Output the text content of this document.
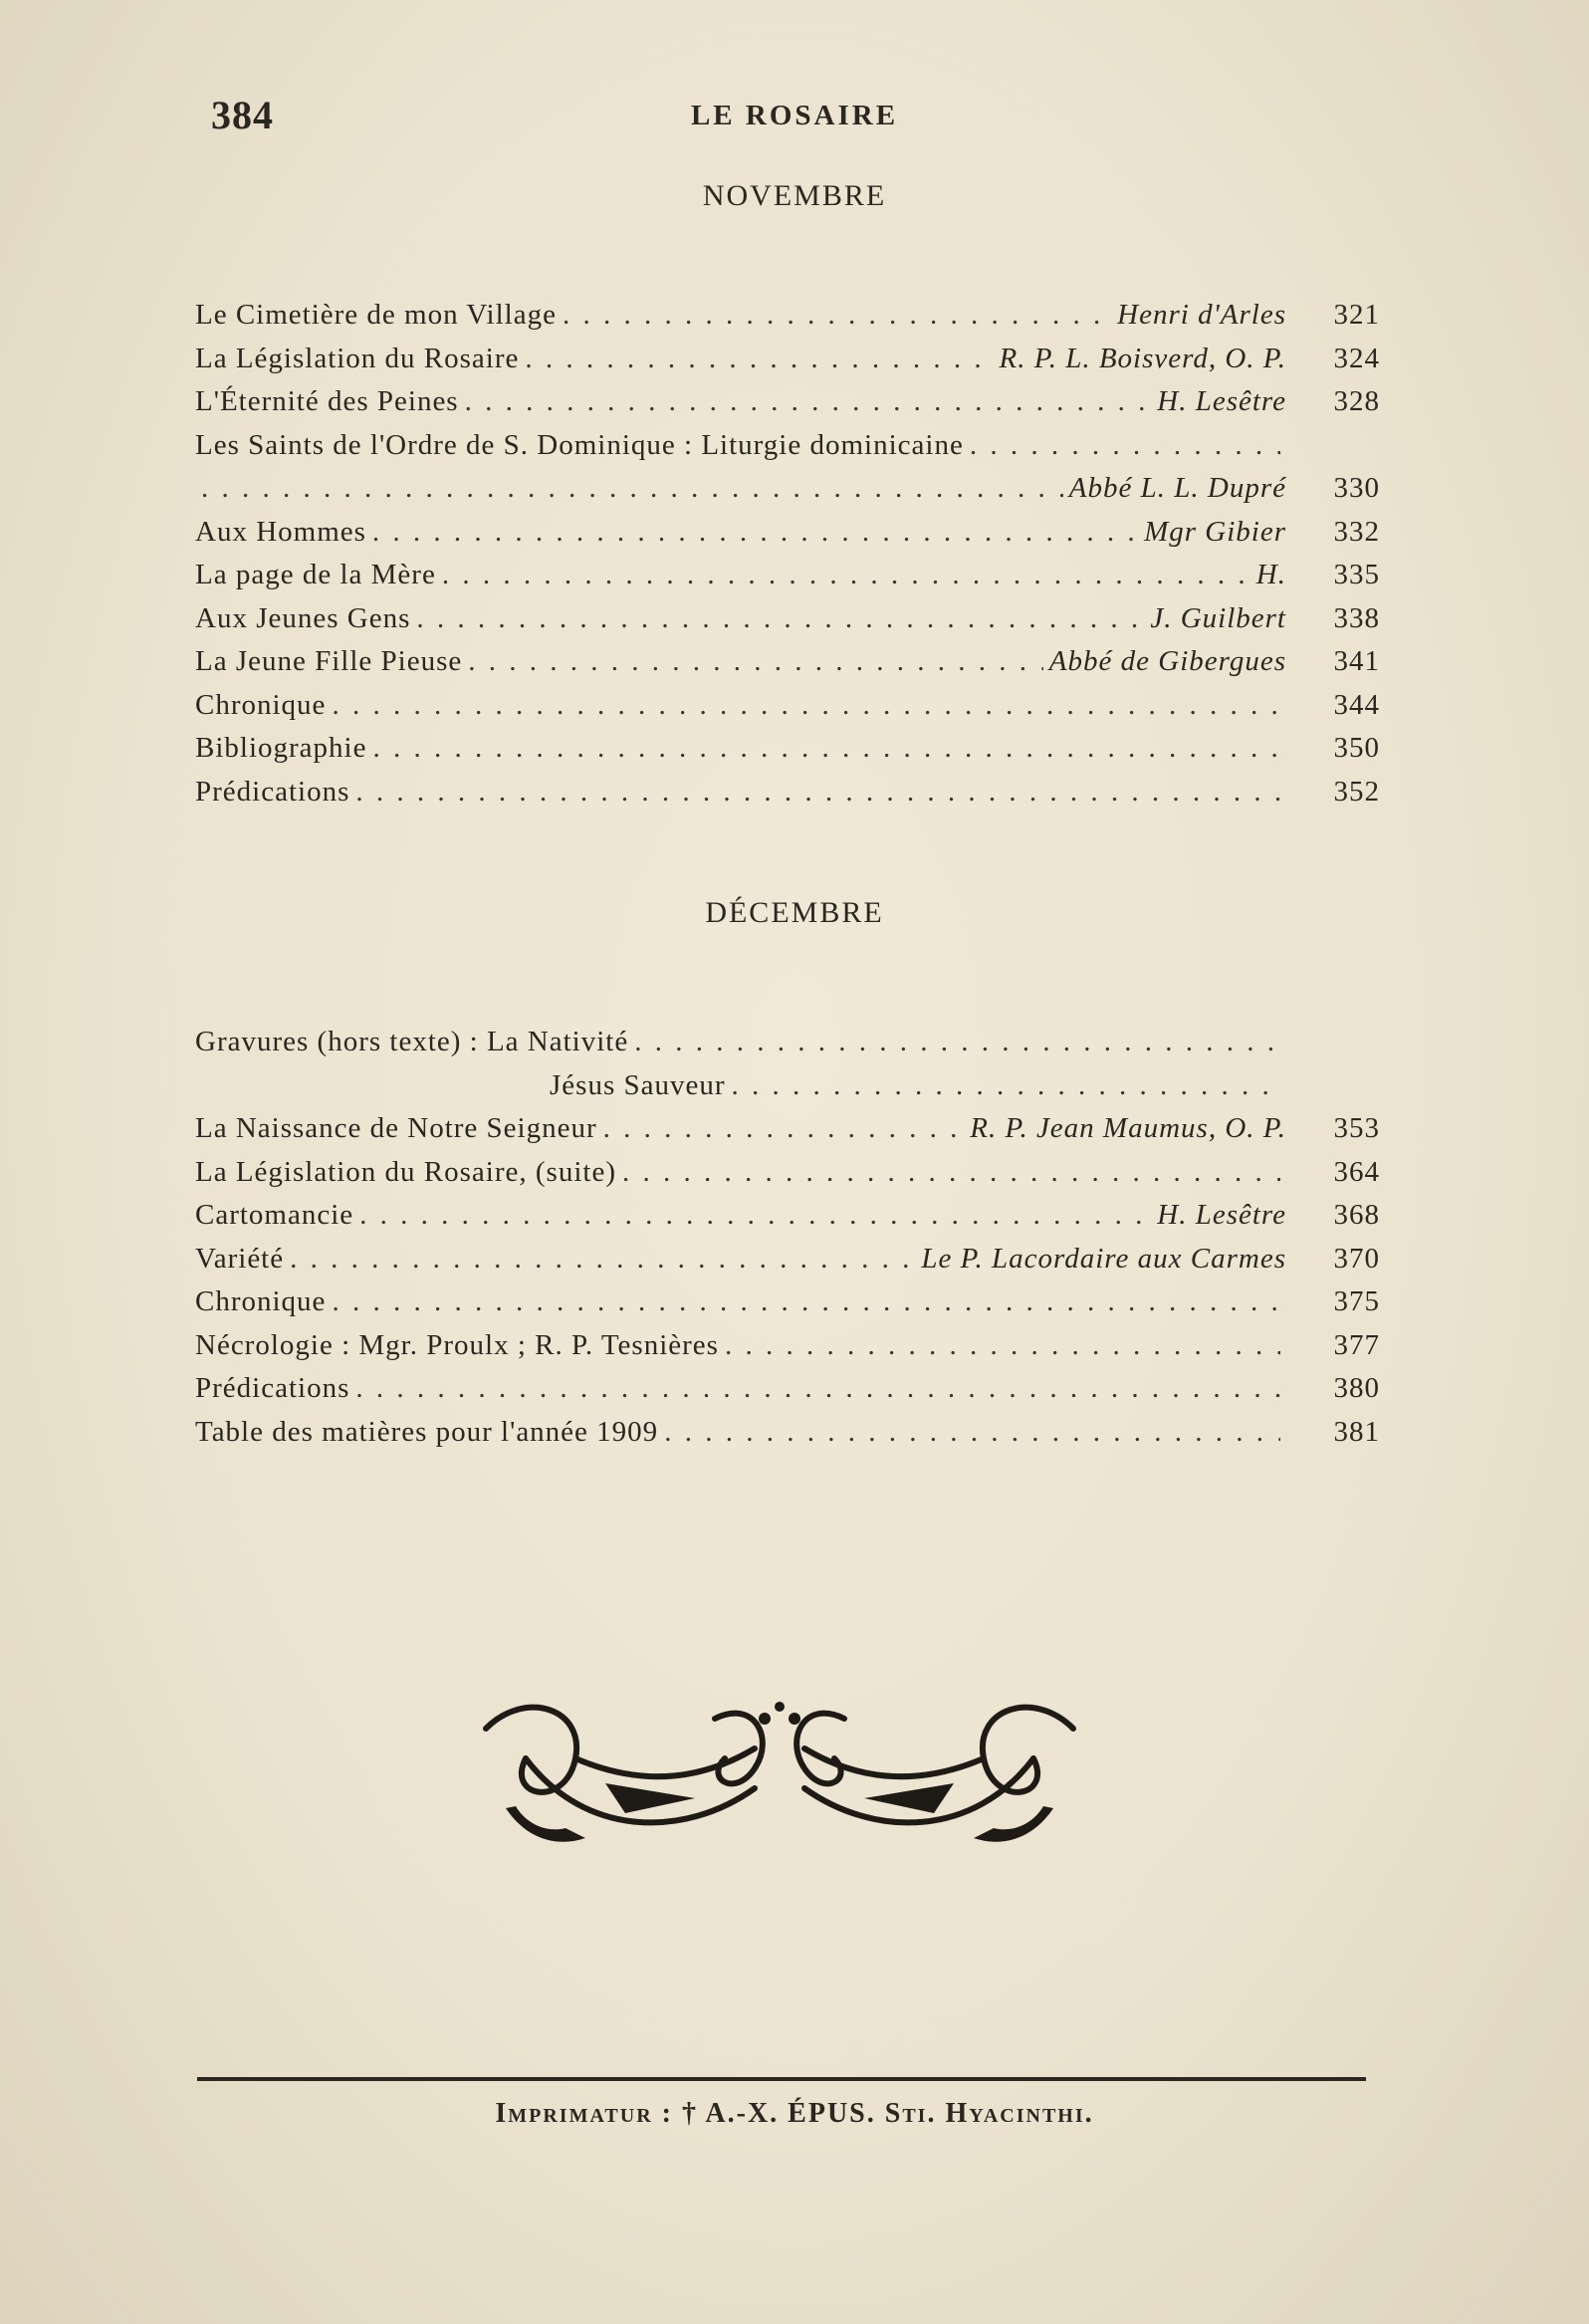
384	LE ROSAIRE
NOVEMBRE
Le Cimetière de mon Village . . .	Henri d'Arles	321
La Législation du Rosaire . . .	R. P. L. Boisverd, O. P.	324
L'Éternité des Peines . . .	H. Lesêtre	328
Les Saints de l'Ordre de S. Dominique : Liturgie dominicaine
. . .
. . .
Abbé L. L. Dupré	330
Aux Hommes . . .	Mgr Gibier	332
La page de la Mère . . .	H.	335
Aux Jeunes Gens . . .	J. Guilbert	338
La Jeune Fille Pieuse . . .	Abbé de Gibergues	341
Chronique . . .	344
Bibliographie . . .	350
Prédications . . .	352
DÉCEMBRE
Gravures (hors texte) : La Nativité
. . .
Jésus Sauveur
. . .
La Naissance de Notre Seigneur . . .	R. P. Jean Maumus, O. P.	353
La Législation du Rosaire, (suite) . . .	364
Cartomancie . . .	H. Lesêtre	368
Variété . . .	Le P. Lacordaire aux Carmes	370
Chronique . . .	375
Nécrologie : Mgr. Proulx ; R. P. Tesnières . . .	377
Prédications . . .	380
Table des matières pour l'année 1909 . . .	381
Imprimatur : † A.-X. ÉPUS. Sti. Hyacinthi.
